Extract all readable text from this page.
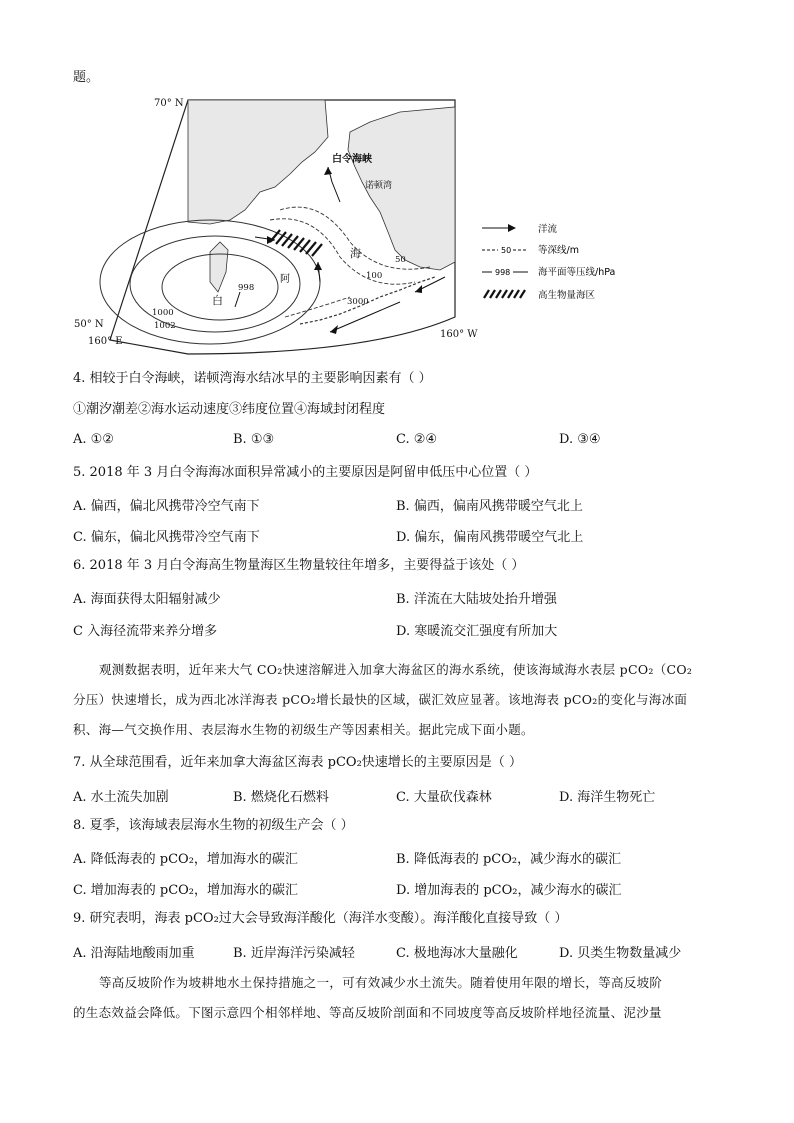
题。
70° N
50° N
160° E
160° W
白令海峡
诺顿湾
海
阿
白
998
1000
1002
50
100
3000
洋流
50	等深线/m
998	海平面等压线/hPa
高生物量海区
4. 相较于白令海峡，诺顿湾海水结冰早的主要影响因素有（ ）
①潮汐潮差②海水运动速度③纬度位置④海域封闭程度
A. ①②	B. ①③	C. ②④	D. ③④
5. 2018 年 3 月白令海海冰面积异常减小的主要原因是阿留申低压中心位置（ ）
A. 偏西，偏北风携带冷空气南下	B. 偏西，偏南风携带暖空气北上
C. 偏东，偏北风携带冷空气南下	D. 偏东，偏南风携带暖空气北上
6. 2018 年 3 月白令海高生物量海区生物量较往年增多，主要得益于该处（ ）
A. 海面获得太阳辐射减少	B. 洋流在大陆坡处抬升增强
C 入海径流带来养分增多	D. 寒暖流交汇强度有所加大
观测数据表明，近年来大气 CO₂快速溶解进入加拿大海盆区的海水系统，使该海域海水表层 pCO₂（CO₂
分压）快速增长，成为西北冰洋海表 pCO₂增长最快的区域，碳汇效应显著。该地海表 pCO₂的变化与海冰面
积、海—气交换作用、表层海水生物的初级生产等因素相关。据此完成下面小题。
7. 从全球范围看，近年来加拿大海盆区海表 pCO₂快速增长的主要原因是（ ）
A. 水土流失加剧	B. 燃烧化石燃料	C. 大量砍伐森林	D. 海洋生物死亡
8. 夏季，该海域表层海水生物的初级生产会（ ）
A. 降低海表的 pCO₂，增加海水的碳汇	B. 降低海表的 pCO₂，减少海水的碳汇
C. 增加海表的 pCO₂，增加海水的碳汇	D. 增加海表的 pCO₂，减少海水的碳汇
9. 研究表明，海表 pCO₂过大会导致海洋酸化（海洋水变酸）。海洋酸化直接导致（ ）
A. 沿海陆地酸雨加重	B. 近岸海洋污染减轻	C. 极地海冰大量融化	D. 贝类生物数量减少
等高反坡阶作为坡耕地水土保持措施之一，可有效减少水土流失。随着使用年限的增长，等高反坡阶
的生态效益会降低。下图示意四个相邻样地、等高反坡阶剖面和不同坡度等高反坡阶样地径流量、泥沙量
